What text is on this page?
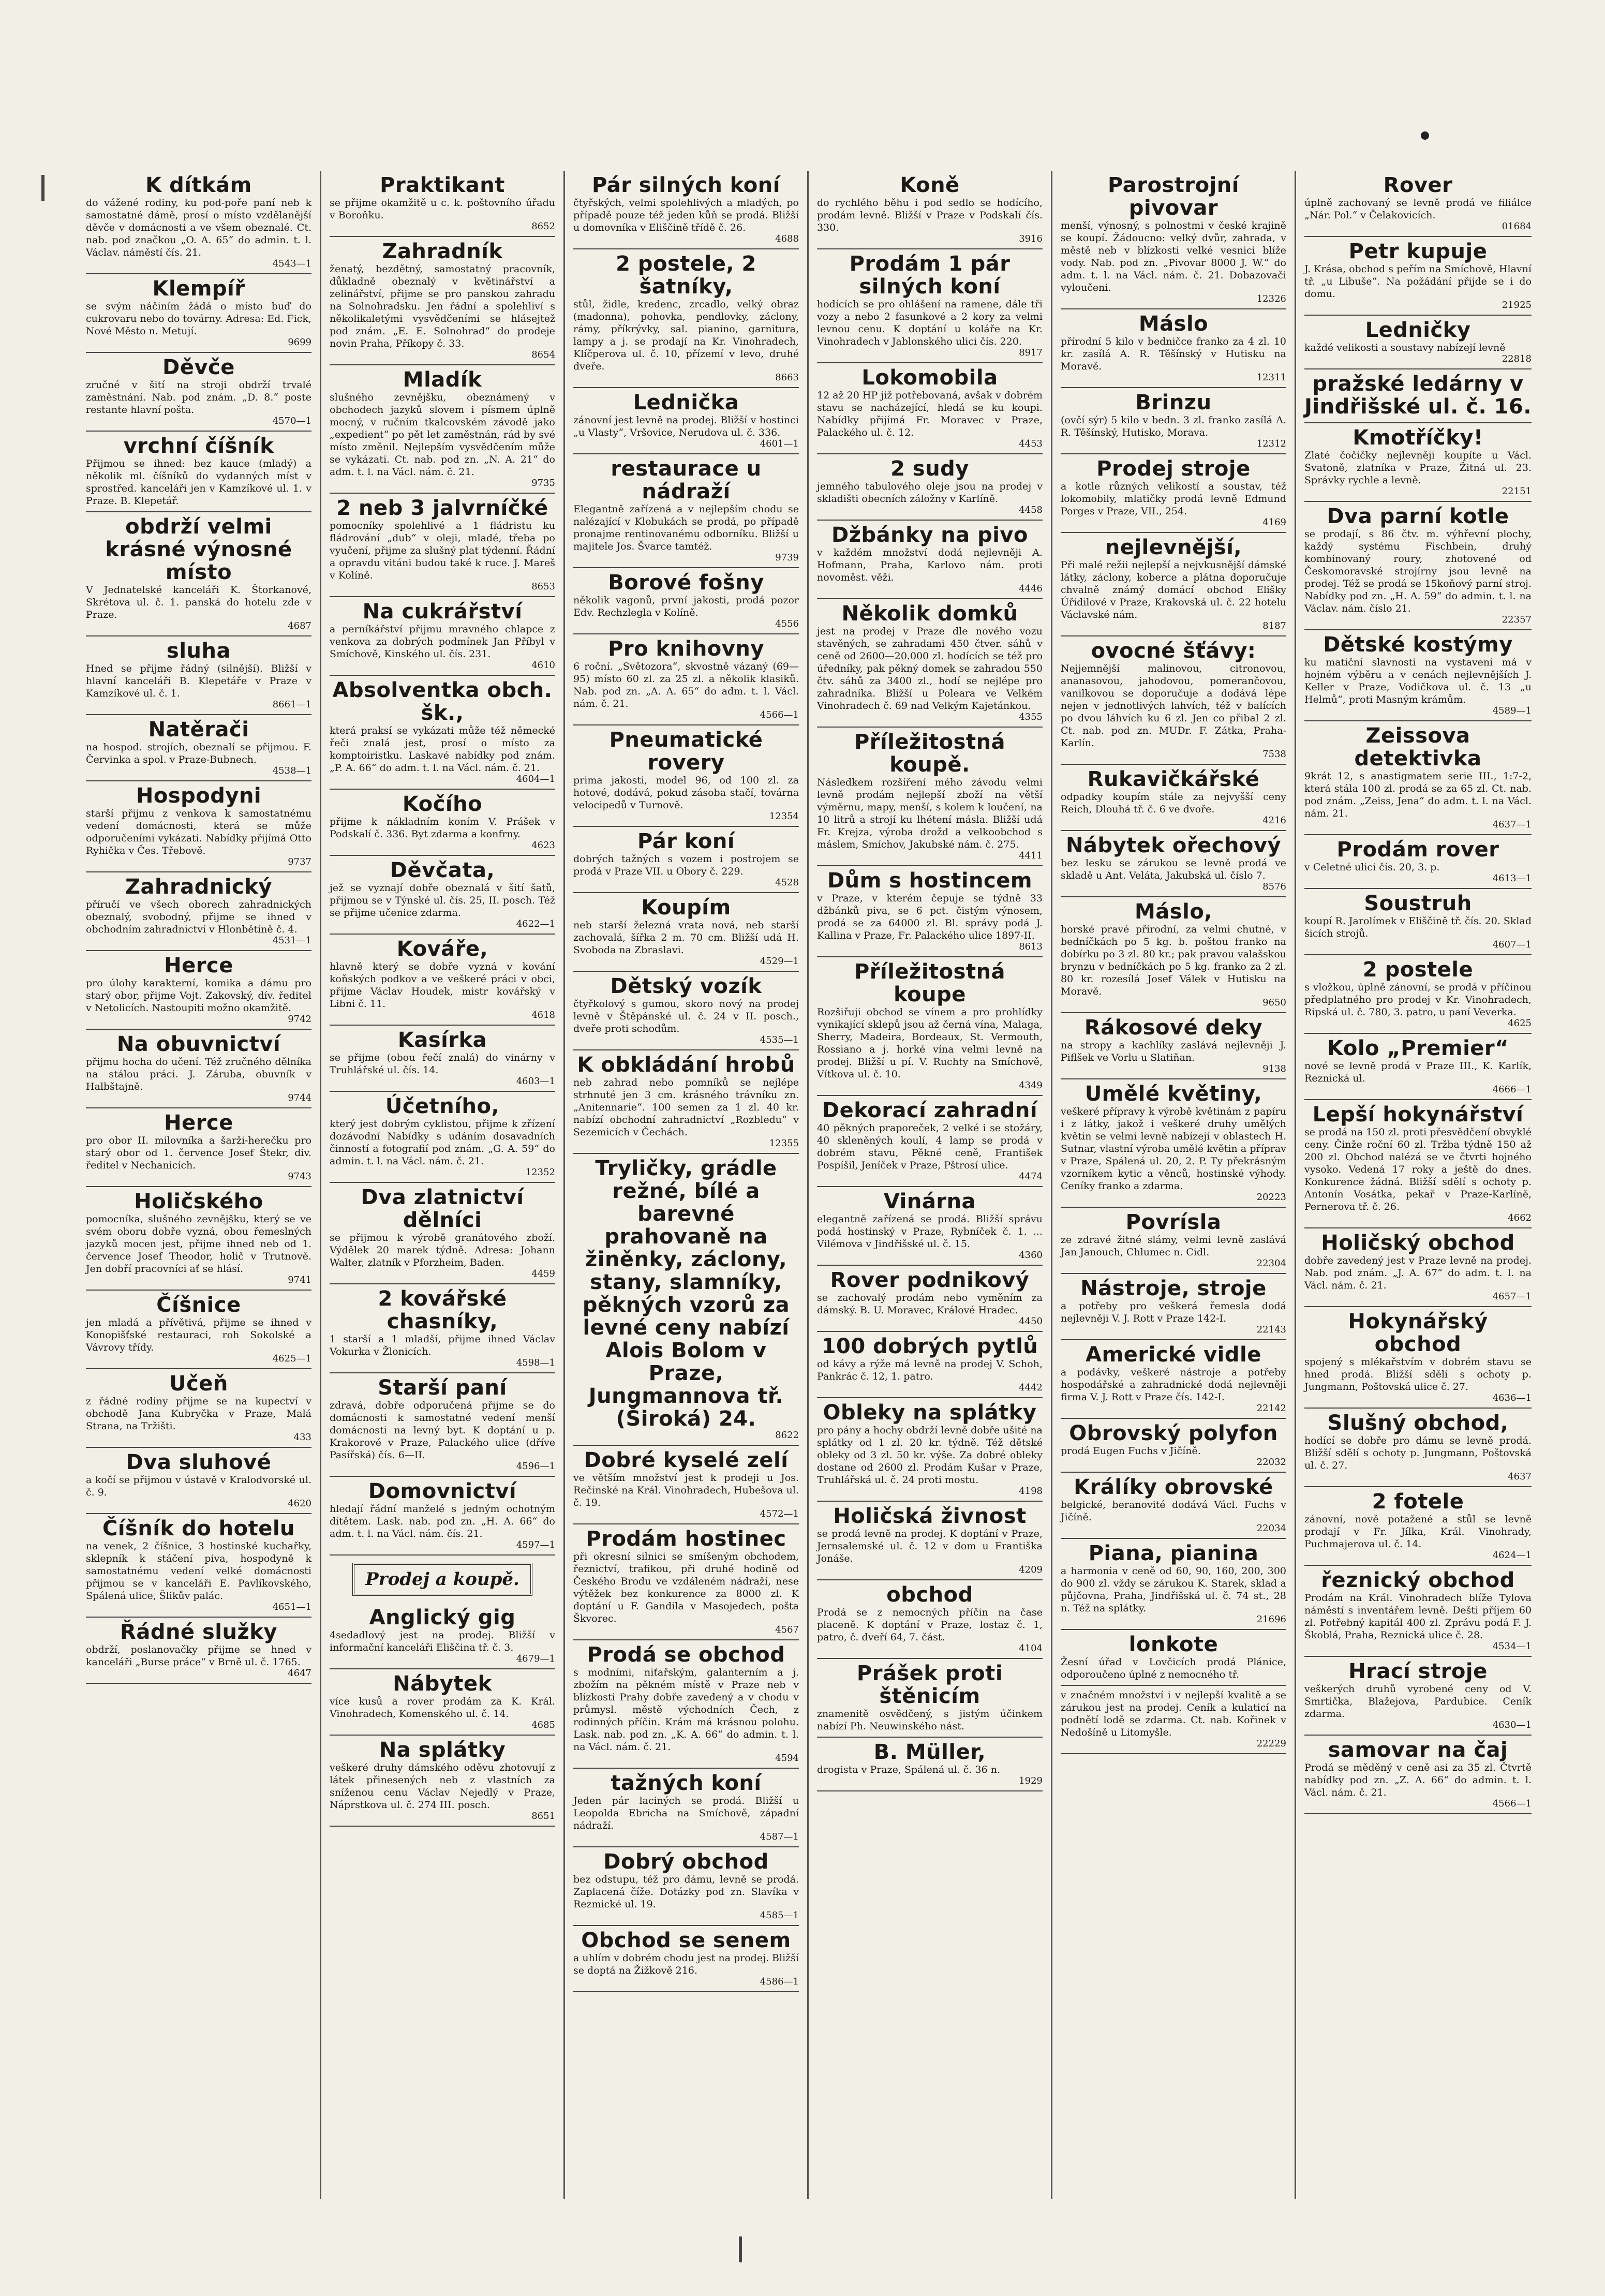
K dítkám
do vážené rodiny, ku pod-poře paní neb k samostatné dámě, prosí o místo vzdělanější děvče v domácnosti a ve všem obeznalé. Ct. nab. pod značkou „O. A. 65“ do admin. t. l. Václav. náměstí čís. 21.
4543—1
Klempíř
se svým náčiním žádá o místo buď do cukrovaru nebo do továrny. Adresa: Ed. Fick, Nové Město n. Metují.
9699
Děvče
zručné v šití na stroji obdrží trvalé zaměstnání. Nab. pod znám. „D. 8.“ poste restante hlavní pošta.
4570—1
vrchní číšník
Přijmou se ihned: bez kauce (mladý) a několik ml. číšníků do vydanných míst v sprostřed. kanceláři jen v Kamzíkové ul. 1. v Praze. B. Klepetář.
obdrží velmi krásné výnosné místo
V Jednatelské kanceláři K. Štorkanové, Skrétova ul. č. 1. panská do hotelu zde v Praze.
4687
sluha
Hned se přijme řádný (silnější). Bližší v hlavní kanceláři B. Klepetáře v Praze v Kamzíkové ul. č. 1.
8661—1
Natěrači
na hospod. strojích, obeznalí se přijmou. F. Červinka a spol. v Praze-Bubnech.
4538—1
Hospodyni
starší přijmu z venkova k samostatnému vedení domácnosti, která se může odporučeními vykázati. Nabídky přijímá Otto Ryhička v Čes. Třebově.
9737
Zahradnický
příručí ve všech oborech zahradnických obeznalý, svobodný, přijme se ihned v obchodním zahradnictví v Hlonbětíně č. 4.
4531—1
Herce
pro úlohy karakterní, komika a dámu pro starý obor, přijme Vojt. Zakovský, dív. ředitel v Netolicích. Nastoupiti možno okamžitě.
9742
Na obuvnictví
přijmu hocha do učení. Též zručného dělníka na stálou práci. J. Záruba, obuvník v Halbštajně.
9744
Herce
pro obor II. milovníka a šarži-herečku pro starý obor od 1. července Josef Štekr, div. ředitel v Nechanicích.
9743
Holičského
pomocníka, slušného zevnějšku, který se ve svém oboru dobře vyzná, obou řemeslných jazyků mocen jest, přijme ihned neb od 1. července Josef Theodor, holič v Trutnově. Jen dobří pracovníci ať se hlásí.
9741
Číšnice
jen mladá a přívětivá, přijme se ihned v Konopišťské restauraci, roh Sokolské a Vávrovy třídy.
4625—1
Učeň
z řádné rodiny přijme se na kupectví v obchodě Jana Kubryčka v Praze, Malá Strana, na Tržišti.
433
Dva sluhové
a kočí se přijmou v ústavě v Kralodvorské ul. č. 9.
4620
Číšník do hotelu
na venek, 2 číšnice, 3 hostinské kuchařky, sklepník k stáčení piva, hospodyně k samostatnému vedení velké domácnosti přijmou se v kanceláři E. Pavlíkovského, Spálená ulice, Šlikův palác.
4651—1
Řádné služky
obdrží, poslanovačky přijme se hned v kanceláři „Burse práce“ v Brně ul. č. 1765.
4647
Praktikant
se přijme okamžitě u c. k. poštovního úřadu v Boroňku.
8652
Zahradník
ženatý, bezdětný, samostatný pracovník, důkladně obeznalý v květinářství a zelinářství, přijme se pro panskou zahradu na Solnohradsku. Jen řádní a spolehliví s několikaletými vysvědčeními se hlásejtež pod znám. „E. E. Solnohrad“ do prodeje novin Praha, Příkopy č. 33.
8654
Mladík
slušného zevnějšku, obeznámený v obchodech jazyků slovem i písmem úplně mocný, v ručním tkalcovském závodě jako „expedient“ po pět let zaměstnán, rád by své místo změnil. Nejlepším vysvědčením může se vykázati. Ct. nab. pod zn. „N. A. 21“ do adm. t. l. na Václ. nám. č. 21.
9735
2 neb 3 jalvrníčké
pomocníky spolehlivé a 1 fládristu ku fládrování „dub“ v oleji, mladé, třeba po vyučení, přijme za slušný plat týdenní. Řádní a opravdu vitáni budou také k ruce. J. Mareš v Kolíně.
8653
Na cukrářství
a perníkářství přijmu mravného chlapce z venkova za dobrých podmínek Jan Příbyl v Smíchově, Kinského ul. čís. 231.
4610
Absolventka obch. šk.,
která praksí se vykázati může též německé řeči znalá jest, prosí o místo za komptoiristku. Laskavé nabídky pod znám. „P. A. 66“ do adm. t. l. na Václ. nám. č. 21.
4604—1
Kočího
přijme k nákladním koním V. Prášek v Podskalí č. 336. Byt zdarma a konfrny.
4623
Děvčata,
jež se vyznají dobře obeznalá v šití šatů, přijmou se v Týnské ul. čís. 25, II. posch. Též se přijme učenice zdarma.
4622—1
Kováře,
hlavně který se dobře vyzná v kování koňských podkov a ve veškeré práci v obci, přijme Václav Houdek, mistr kovářský v Libni č. 11.
4618
Kasírka
se přijme (obou řečí znalá) do vinárny v Truhlářské ul. čís. 14.
4603—1
Účetního,
který jest dobrým cyklistou, přijme k zřízení dozávodní Nabídky s udáním dosavadních činností a fotografií pod znám. „G. A. 59“ do admin. t. l. na Václ. nám. č. 21.
12352
Dva zlatnictví dělníci
se přijmou k výrobě granátového zboží. Výdělek 20 marek týdně. Adresa: Johann Walter, zlatník v Pforzheim, Baden.
4459
2 kovářské chasníky,
1 starší a 1 mladší, přijme ihned Václav Vokurka v Žlonicích.
4598—1
Starší paní
zdravá, dobře odporučená přijme se do domácnosti k samostatné vedení menší domácnosti na levný byt. K doptání u p. Krakorové v Praze, Palackého ulice (dříve Pasířská) čís. 6—II.
4596—1
Domovnictví
hledají řádní manželé s jedným ochotným dítětem. Lask. nab. pod zn. „H. A. 66“ do adm. t. l. na Václ. nám. čís. 21.
4597—1
Prodej a koupě.
Anglický gig
4sedadlový jest na prodej. Bližší v informační kanceláři Eliščina tř. č. 3.
4679—1
Nábytek
více kusů a rover prodám za K. Král. Vinohradech, Komenského ul. č. 14.
4685
Na splátky
veškeré druhy dámského oděvu zhotovují z látek přinesených neb z vlastních za sníženou cenu Václav Nejedlý v Praze, Náprstkova ul. č. 274 III. posch.
8651
Pár silných koní
čtyřských, velmi spolehlivých a mladých, po případě pouze též jeden kůň se prodá. Bližší u domovníka v Eliščině třídě č. 26.
4688
2 postele, 2 šatníky,
stůl, židle, kredenc, zrcadlo, velký obraz (madonna), pohovka, pendlovky, záclony, rámy, příkrývky, sal. pianino, garnitura, lampy a j. se prodají na Kr. Vinohradech, Klíčperova ul. č. 10, přízemí v levo, druhé dveře.
8663
Lednička
zánovní jest levně na prodej. Bližší v hostinci „u Vlasty“, Vršovice, Nerudova ul. č. 336.
4601—1
restaurace u nádraží
Elegantně zařízená a v nejlepším chodu se nalézající v Klobukách se prodá, po případě pronajme rentinovanému odborníku. Bližší u majitele Jos. Švarce tamtéž.
9739
Borové fošny
několik vagonů, první jakosti, prodá pozor Edv. Rechzlegla v Kolíně.
4556
Pro knihovny
6 roční. „Světozora“, skvostně vázaný (69—95) místo 60 zl. za 25 zl. a několik klasiků. Nab. pod zn. „A. A. 65“ do adm. t. l. Václ. nám. č. 21.
4566—1
Pneumatické rovery
prima jakosti, model 96, od 100 zl. za hotové, dodává, pokud zásoba stačí, továrna velocipedů v Turnově.
12354
Pár koní
dobrých tažných s vozem i postrojem se prodá v Praze VII. u Obory č. 229.
4528
Koupím
neb starší železná vrata nová, neb starší zachovalá, šířka 2 m. 70 cm. Bližší udá H. Svoboda na Zbraslavi.
4529—1
Dětský vozík
čtyřkolový s gumou, skoro nový na prodej levně v Štěpánské ul. č. 24 v II. posch., dveře proti schodům.
4535—1
K obkládání hrobů
neb zahrad nebo pomníků se nejlépe strhnuté jen 3 cm. krásného trávníku zn. „Anitennarie“. 100 semen za 1 zl. 40 kr. nabízí obchodní zahradnictví „Rozbledu“ v Sezemicích v Čechách.
12355
Tryličky, grádle režné, bílé a barevné prahovaně na žiněnky, záclony, stany, slamníky, pěkných vzorů za levné ceny nabízí Alois Bolom v Praze, Jungmannova tř. (Široká) 24.
8622
Dobré kyselé zelí
ve větším množství jest k prodeji u Jos. Rečinské na Král. Vinohradech, Hubešova ul. č. 19.
4572—1
Prodám hostinec
při okresní silnici se smíšeným obchodem, řeznictví, trafikou, při druhé hodině od Českého Brodu ve vzdáleném nádraží, nese výtěžek bez konkurence za 8000 zl. K doptání u F. Gandila v Masojedech, pošta Škvorec.
4567
Prodá se obchod
s modními, niťařským, galanterním a j. zbožím na pěkném místě v Praze neb v blízkosti Prahy dobře zavedený a v chodu v průmysl. městě východních Čech, z rodinných příčin. Krám má krásnou polohu. Lask. nab. pod zn. „K. A. 66“ do admin. t. l. na Václ. nám. č. 21.
4594
tažných koní
Jeden pár laciných se prodá. Bližší u Leopolda Ebricha na Smíchově, západní nádraží.
4587—1
Dobrý obchod
bez odstupu, též pro dámu, levně se prodá. Zaplacená číže. Dotázky pod zn. Slavíka v Rezmické ul. 19.
4585—1
Obchod se senem
a uhlím v dobrém chodu jest na prodej. Bližší se doptá na Žižkově 216.
4586—1
Koně
do rychlého běhu i pod sedlo se hodícího, prodám levně. Bližší v Praze v Podskalí čís. 330.
3916
Prodám 1 pár silných koní
hodících se pro ohlášení na ramene, dále tři vozy a nebo 2 fasunkové a 2 kory za velmi levnou cenu. K doptání u koláře na Kr. Vinohradech v Jablonského ulici čís. 220.
8917
Lokomobila
12 až 20 HP již potřebovaná, avšak v dobrém stavu se nacházející, hledá se ku koupi. Nabídky přijímá Fr. Moravec v Praze, Palackého ul. č. 12.
4453
2 sudy
jemného tabulového oleje jsou na prodej v skladišti obecních záložny v Karlíně.
4458
Džbánky na pivo
v každém množství dodá nejlevněji A. Hofmann, Praha, Karlovo nám. proti novoměst. věži.
4446
Několik domků
jest na prodej v Praze dle nového vozu stavěných, se zahradami 450 čtver. sáhů v ceně od 2600—20.000 zl. hodících se též pro úředníky, pak pěkný domek se zahradou 550 čtv. sáhů za 3400 zl., hodí se nejlépe pro zahradníka. Bližší u Poleara ve Velkém Vinohradech č. 69 nad Velkým Kajetánkou.
4355
Příležitostná koupě.
Následkem rozšíření mého závodu velmi levně prodám nejlepší zboží na větší výměrnu, mapy, menší, s kolem k loučení, na 10 litrů a strojí ku lhétení másla. Bližší udá Fr. Krejza, výroba drožd a velkoobchod s máslem, Smíchov, Jakubské nám. č. 275.
4411
Dům s hostincem
v Praze, v kterém čepuje se týdně 33 džbánků piva, se 6 pct. čistým výnosem, prodá se za 64000 zl. Bl. správy podá J. Kallina v Praze, Fr. Palackého ulice 1897-II.
8613
Příležitostná koupe
Rozšiřuji obchod se vínem a pro prohlídky vynikající sklepů jsou až černá vína, Malaga, Sherry, Madeira, Bordeaux, St. Vermouth, Rossiano a j. horké vína velmi levně na prodej. Bližší u pí. V. Ruchty na Smíchově, Vítkova ul. č. 10.
4349
Dekorací zahradní
40 pěkných praporeček, 2 velké i se stožáry, 40 skleněných koulí, 4 lamp se prodá v dobrém stavu, Pěkné ceně, František Pospíšil, Jeníček v Praze, Pštrosí ulice.
4474
Vinárna
elegantně zařízená se prodá. Bližší správu podá hostinský v Praze, Rybníček č. 1. ... Vilémova v Jindřišské ul. č. 15.
4360
Rover podnikový
se zachovalý prodám nebo vyměním za dámský. B. U. Moravec, Králové Hradec.
4450
100 dobrých pytlů
od kávy a rýže má levně na prodej V. Schoh, Pankrác č. 12, 1. patro.
4442
Obleky na splátky
pro pány a hochy obdrží levně dobře ušité na splátky od 1 zl. 20 kr. týdně. Též dětské obleky od 3 zl. 50 kr. výše. Za dobré obleky dostane od 2600 zl. Prodám Kušar v Praze, Truhlářská ul. č. 24 proti mostu.
4198
Holičská živnost
se prodá levně na prodej. K doptání v Praze, Jernsalemské ul. č. 12 v dom u Františka Jonáše.
4209
obchod
Prodá se z nemocných příčin na čase placeně. K doptání v Praze, lostaz č. 1, patro, č. dveří 64, 7. část.
4104
Prášek proti štěnicím
znamenitě osvědčený, s jistým účinkem nabízí Ph. Neuwinského nást.
B. Müller,
drogista v Praze, Spálená ul. č. 36 n.
1929
Parostrojní pivovar
menší, výnosný, s polnostmi v české krajině se koupí. Žádoucno: velký dvůr, zahrada, v městě neb v blízkosti velké vesnici blíže vody. Nab. pod zn. „Pivovar 8000 J. W.“ do adm. t. l. na Václ. nám. č. 21. Dobazovači vyloučeni.
12326
Máslo
přírodní 5 kilo v bedničce franko za 4 zl. 10 kr. zasílá A. R. Těšínský v Hutisku na Moravě.
12311
Brinzu
(ovčí sýr) 5 kilo v bedn. 3 zl. franko zasílá A. R. Těšínský, Hutisko, Morava.
12312
Prodej stroje
a kotle různých velikostí a soustav, též lokomobily, mlatičky prodá levně Edmund Porges v Praze, VII., 254.
4169
nejlevnější,
Při malé režii nejlepší a nejvkusnější dámské látky, záclony, koberce a plátna doporučuje chvalně známý domácí obchod Elišky Úřidilové v Praze, Krakovská ul. č. 22 hotelu Václavské nám.
8187
ovocné šťávy:
Nejjemnější malinovou, citronovou, ananasovou, jahodovou, pomerančovou, vanilkovou se doporučuje a dodává lépe nejen v jednotlivých lahvích, též v balících po dvou láhvích ku 6 zl. Jen co přibal 2 zl. Ct. nab. pod zn. MUDr. F. Zátka, Praha-Karlín.
7538
Rukavičkářské
odpadky koupím stále za nejvyšší ceny Reich, Dlouhá tř. č. 6 ve dvoře.
4216
Nábytek ořechový
bez lesku se zárukou se levně prodá ve skladě u Ant. Veláta, Jakubská ul. číslo 7.
8576
Máslo,
horské pravé přírodní, za velmi chutné, v bedníčkách po 5 kg. b. poštou franko na dobírku po 3 zl. 80 kr.; pak pravou valašskou brynzu v bedníčkách po 5 kg. franko za 2 zl. 80 kr. rozesílá Josef Válek v Hutisku na Moravě.
9650
Rákosové deky
na stropy a kachlíky zaslává nejlevněji J. Piflšek ve Vorlu u Slatiňan.
9138
Umělé květiny,
veškeré přípravy k výrobě květinám z papíru i z látky, jakož i veškeré druhy umělých květin se velmi levně nabízejí v oblastech H. Sutnar, vlastní výroba umělé květin a příprav v Praze, Spálená ul. 20, 2. P. Ty překrásným vzorníkem kytic a věnců, hostinské výhody. Ceníky franko a zdarma.
20223
Povrísla
ze zdravé žitné slámy, velmi levně zaslává Jan Janouch, Chlumec n. Cidl.
22304
Nástroje, stroje
a potřeby pro veškerá řemesla dodá nejlevněji V. J. Rott v Praze 142-I.
22143
Americké vidle
a podávky, veškeré nástroje a potřeby hospodářské a zahradnické dodá nejlevněji firma V. J. Rott v Praze čís. 142-I.
22142
Obrovský polyfon
prodá Eugen Fuchs v Jičíně.
22032
Králíky obrovské
belgické, beranovité dodává Václ. Fuchs v Jičíně.
22034
Piana, pianina
a harmonia v ceně od 60, 90, 160, 200, 300 do 900 zl. vždy se zárukou K. Starek, sklad a půjčovna, Praha, Jindřišská ul. č. 74 st., 28 n. Též na splátky.
21696
lonkote
Žesní úřad v Lovčicích prodá Plánice, odporoučeno úplné z nemocného tř.
v značném množství i v nejlepší kvalitě a se zárukou jest na prodej. Ceník a kulaticí na podnětí lodě se zdarma. Ct. nab. Kořinek v Nedošíně u Litomyšle.
22229
Rover
úplně zachovaný se levně prodá ve filiálce „Nár. Pol.“ v Čelakovicích.
01684
Petr kupuje
J. Krása, obchod s peřím na Smíchově, Hlavní tř. „u Libuše“. Na požádání přijde se i do domu.
21925
Ledničky
každé velikosti a soustavy nabízejí levně
22818
pražské ledárny v Jindřišské ul. č. 16.
Kmotříčky!
Zlaté čočičky nejlevněji koupíte u Václ. Svatoně, zlatníka v Praze, Žitná ul. 23. Správky rychle a levně.
22151
Dva parní kotle
se prodají, s 86 čtv. m. výhřevní plochy, každý systému Fischbein, druhý kombinovaný roury, zhotovené od Českomoravské strojírny jsou levně na prodej. Též se prodá se 15koňový parní stroj. Nabídky pod zn. „H. A. 59“ do admin. t. l. na Václav. nám. číslo 21.
22357
Dětské kostýmy
ku matiční slavnosti na vystavení má v hojném výběru a v cenách nejlevnějších J. Keller v Praze, Vodičkova ul. č. 13 „u Helmů“, proti Masným krámům.
4589—1
Zeissova detektivka
9krát 12, s anastigmatem serie III., 1:7-2, která stála 100 zl. prodá se za 65 zl. Ct. nab. pod znám. „Zeiss, Jena“ do adm. t. l. na Václ. nám. 21.
4637—1
Prodám rover
v Celetné ulici čís. 20, 3. p.
4613—1
Soustruh
koupí R. Jarolímek v Eliščině tř. čís. 20. Sklad šicích strojů.
4607—1
2 postele
s vložkou, úplně zánovní, se prodá v příčinou předplatného pro prodej v Kr. Vinohradech, Ripská ul. č. 780, 3. patro, u paní Veverka.
4625
Kolo „Premier“
nové se levně prodá v Praze III., K. Karlík, Reznická ul.
4666—1
Lepší hokynářství
se prodá na 150 zl. proti přesvědčení obvyklé ceny. Činže roční 60 zl. Tržba týdně 150 až 200 zl. Obchod nalézá se ve čtvrti hojného vysoko. Vedená 17 roky a ještě do dnes. Konkurence žádná. Bližší sdělí s ochoty p. Antonín Vosátka, pekař v Praze-Karlíně, Pernerova tř. č. 26.
4662
Holičský obchod
dobře zavedený jest v Praze levně na prodej. Nab. pod znám. „J. A. 67“ do adm. t. l. na Václ. nám. č. 21.
4657—1
Hokynářský obchod
spojený s mlékařstvím v dobrém stavu se hned prodá. Bližší sdělí s ochoty p. Jungmann, Poštovská ulice č. 27.
4636—1
Slušný obchod,
hodící se dobře pro dámu se levně prodá. Bližší sdělí s ochoty p. Jungmann, Poštovská ul. č. 27.
4637
2 fotele
zánovní, nově potažené a stůl se levně prodají v Fr. Jílka, Král. Vinohrady, Puchmajerova ul. č. 14.
4624—1
řeznický obchod
Prodám na Král. Vinohradech blíže Tylova náměstí s inventářem levně. Dešti příjem 60 zl. Potřebný kapitál 400 zl. Zprávu podá F. J. Škoblá, Praha, Reznická ulice č. 28.
4534—1
Hrací stroje
veškerých druhů vyrobené ceny od V. Smrtička, Blažejova, Pardubice. Ceník zdarma.
4630—1
samovar na čaj
Prodá se měděný v ceně asi za 35 zl. Čtvrtě nabídky pod zn. „Z. A. 66“ do admin. t. l. Václ. nám. č. 21.
4566—1
